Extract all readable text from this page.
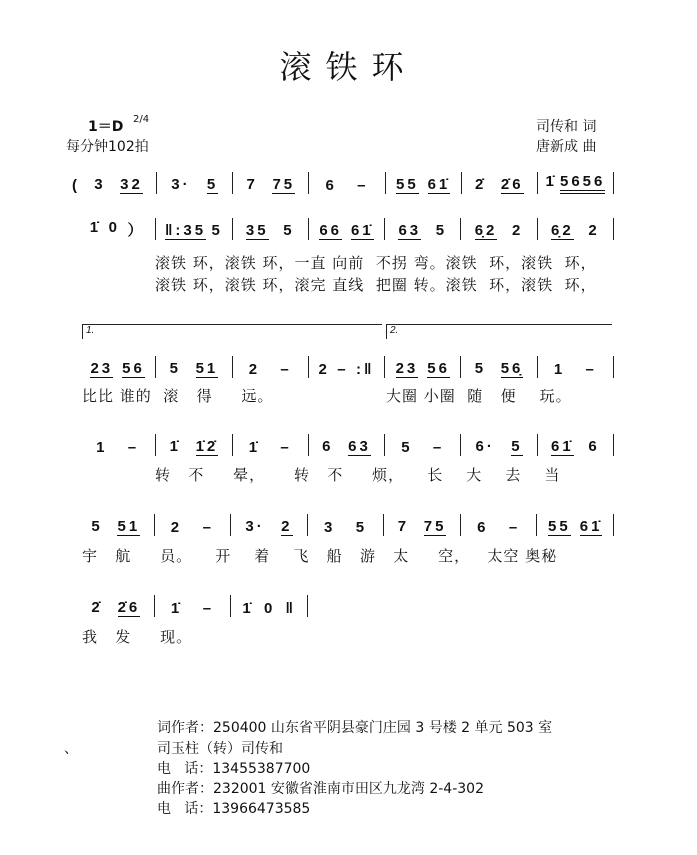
滚铁环
1＝D 2/4
每分钟102拍
司传和 词
唐新成 曲
( 3 32 3· 5 7 75 6 – 55 61̇ 2̇ 2̇6 1̇ 5656
1̇ 0 ） ‖:35 5 35 5 66 61̇ 63 5 6̣2 2 6̣2 2
滚铁 环，滚铁 环，一直 向前  不拐 弯。滚铁  环，滚铁  环，
滚铁 环，滚铁 环，滚完 直线  把圈 转。滚铁  环，滚铁  环，
1.	2.
23 56 5 51 2 – 2 – :‖ 23 56 5 56̣ 1 –
比比 谁的  滚   得     远。	大圈 小圈  随   便    玩。
1 – 1̇ 1̇2̇ 1̇ – 6 63 5 – 6· 5 61̇ 6
转   不     晕，     转   不     烦，    长    大    去    当
5 51 2 – 3· 2 3 5 7 75 6 – 55 61̇
宇   航     员。    开    着    飞   船   游   太     空，   太空 奥秘
2̇ 2̇6 1̇ – 1̇ 0 ‖
我   发     现。
、
词作者：250400 山东省平阴县豪门庄园 3 号楼 2 单元 503 室
司玉柱（转）司传和
电   话：13455387700
曲作者：232001 安徽省淮南市田区九龙湾 2-4-302
电   话：13966473585
